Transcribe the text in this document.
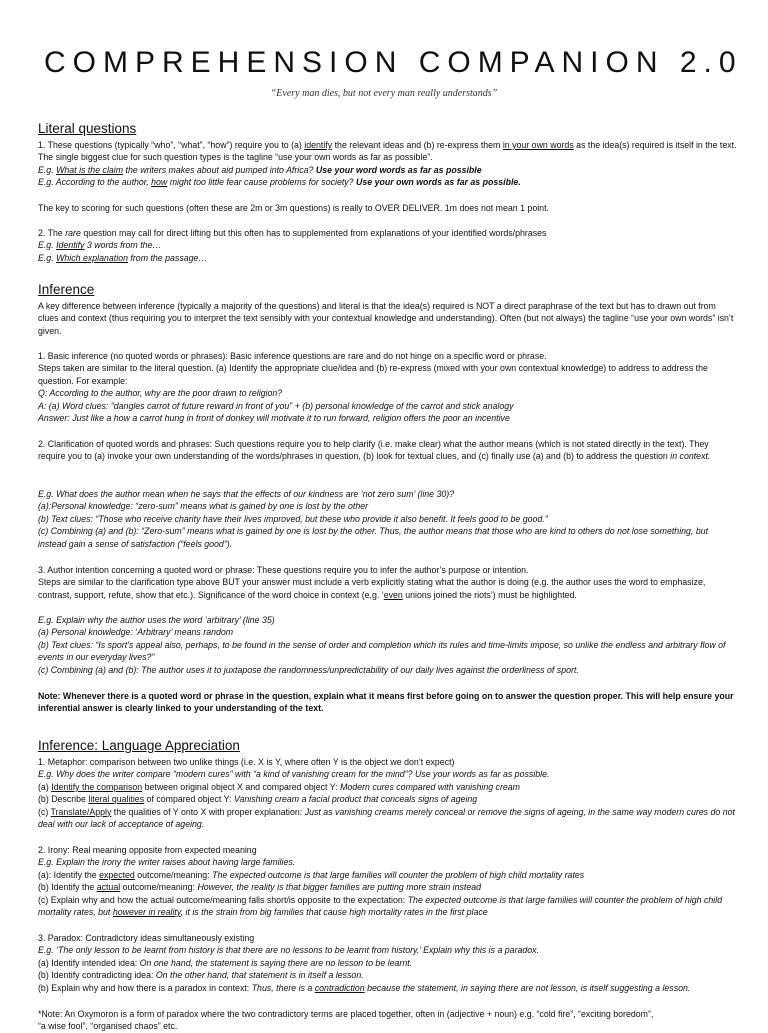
COMPREHENSION COMPANION 2.0
“Every man dies, but not every man really understands”
Literal questions

1. These questions (typically “who”, “what”, “how”) require you to (a) identify the relevant ideas and (b) re-express them in your own words as the idea(s) required is itself in the text. The single biggest clue for such question types is the tagline “use your own words as far as possible”.

E.g. What is the claim the writers makes about aid pumped into Africa? Use your word words as far as possible

E.g. According to the author, how might too little fear cause problems for society? Use your own words as far as possible.

The key to scoring for such questions (often these are 2m or 3m questions) is really to OVER DELIVER. 1m does not mean 1 point.

2. The rare question may call for direct lifting but this often has to supplemented from explanations of your identified words/phrases

E.g. Identify 3 words from the…

E.g. Which explanation from the passage…

Inference

A key difference between inference (typically a majority of the questions) and literal is that the idea(s) required is NOT a direct paraphrase of the text but has to drawn out from clues and context (thus requiring you to interpret the text sensibly with your contextual knowledge and understanding). Often (but not always) the tagline “use your own words” isn’t given.

1. Basic inference (no quoted words or phrases): Basic inference questions are rare and do not hinge on a specific word or phrase.

Steps taken are similar to the literal question. (a) Identify the appropriate clue/idea and (b) re-express (mixed with your own contextual knowledge) to address to address the question. For example:

Q: According to the author, why are the poor drawn to religion?

A: (a) Word clues: “dangles carrot of future reward in front of you” + (b) personal knowledge of the carrot and stick analogy

Answer: Just like a how a carrot hung in front of donkey will motivate it to run forward, religion offers the poor an incentive

2. Clarification of quoted words and phrases: Such questions require you to help clarify (i.e. make clear) what the author means (which is not stated directly in the text). They require you to (a) invoke your own understanding of the words/phrases in question, (b) look for textual clues, and (c) finally use (a) and (b) to address the question in context.

E.g. What does the author mean when he says that the effects of our kindness are ‘not zero sum’ (line 30)?

(a):Personal knowledge: “zero-sum” means what is gained by one is lost by the other

(b) Text clues: “Those who receive charity have their lives improved, but these who provide it also benefit. It feels good to be good.”

(c) Combining (a) and (b): “Zero-sum” means what is gained by one is lost by the other. Thus, the author means that those who are kind to others do not lose something, but instead gain a sense of satisfaction (“feels good”).

3. Author intention concerning a quoted word or phrase: These questions require you to infer the author’s purpose or intention.

Steps are similar to the clarification type above BUT your answer must include a verb explicitly stating what the author is doing (e.g. the author uses the word to emphasize, contrast, support, refute, show that etc.). Significance of the word choice in context (e.g. ‘even unions joined the riots’) must be highlighted.

E.g. Explain why the author uses the word ‘arbitrary’ (line 35)

(a) Personal knowledge: ‘Arbitrary’ means random

(b) Text clues: “Is sport’s appeal also, perhaps, to be found in the sense of order and completion which its rules and time-limits impose, so unlike the endless and arbitrary flow of events in our everyday lives?”

(c) Combining (a) and (b): The author uses it to juxtapose the randomness/unpredictability of our daily lives against the orderliness of sport.

Note: Whenever there is a quoted word or phrase in the question, explain what it means first before going on to answer the question proper. This will help ensure your inferential answer is clearly linked to your understanding of the text.

Inference: Language Appreciation

1. Metaphor: comparison between two unlike things (i.e. X is Y, where often Y is the object we don’t expect)

E.g. Why does the writer compare “modern cures” with “a kind of vanishing cream for the mind”? Use your words as far as possible.

(a) Identify the comparison between original object X and compared object Y: Modern cures compared with vanishing cream

(b) Describe literal qualities of compared object Y: Vanishing cream a facial product that conceals signs of ageing

(c) Translate/Apply the qualities of Y onto X with proper explanation: Just as vanishing creams merely conceal or remove the signs of ageing, in the same way modern cures do not deal with our lack of acceptance of ageing.

2. Irony: Real meaning opposite from expected meaning

E.g. Explain the irony the writer raises about having large families.

(a): Identify the expected outcome/meaning: The expected outcome is that large families will counter the problem of high child mortality rates

(b) Identify the actual outcome/meaning: However, the reality is that bigger families are putting more strain instead

(c) Explain why and how the actual outcome/meaning falls short/is opposite to the expectation: The expected outcome is that large families will counter the problem of high child mortality rates, but however in reality, it is the strain from big families that cause high mortality rates in the first place

3. Paradox: Contradictory ideas simultaneously existing

E.g. ‘The only lesson to be learnt from history is that there are no lessons to be learnt from history.’ Explain why this is a paradox.

(a) Identify intended idea: On one hand, the statement is saying there are no lesson to be learnt.

(b) Identify contradicting idea: On the other hand, that statement is in itself a lesson.

(b) Explain why and how there is a paradox in context: Thus, there is a contradiction because the statement, in saying there are not lesson, is itself suggesting a lesson.

*Note: An Oxymoron is a form of paradox where the two contradictory terms are placed together, often in (adjective + noun) e.g. “cold fire”, “exciting boredom”,

“a wise fool”, “organised chaos” etc.
